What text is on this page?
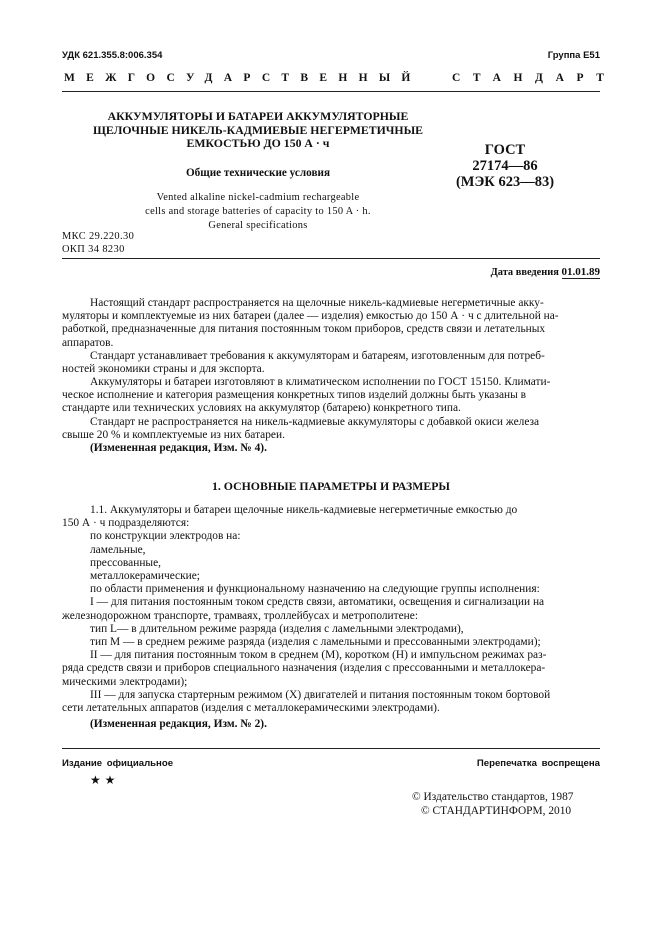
УДК 621.355.8:006.354	Группа Е51
МЕЖГОСУДАРСТВЕННЫЙ	СТАНДАРТ
АККУМУЛЯТОРЫ И БАТАРЕИ АККУМУЛЯТОРНЫЕ
ЩЕЛОЧНЫЕ НИКЕЛЬ-КАДМИЕВЫЕ НЕГЕРМЕТИЧНЫЕ
ЕМКОСТЬЮ ДО 150 А · ч
Общие технические условия
Vented alkaline nickel-cadmium rechargeable
cells and storage batteries of capacity to 150 A · h.
General specifications
ГОСТ
27174—86
(МЭК 623—83)
МКС 29.220.30
ОКП 34 8230
Дата введения 01.01.89
Настоящий стандарт распространяется на щелочные никель-кадмиевые негерметичные акку-
муляторы и комплектуемые из них батареи (далее — изделия) емкостью до 150 А · ч с длительной на-
работкой, предназначенные для питания постоянным током приборов, средств связи и летательных
аппаратов.
Стандарт устанавливает требования к аккумуляторам и батареям, изготовленным для потреб-
ностей экономики страны и для экспорта.
Аккумуляторы и батареи изготовляют в климатическом исполнении по ГОСТ 15150. Климати-
ческое исполнение и категория размещения конкретных типов изделий должны быть указаны в
стандарте или технических условиях на аккумулятор (батарею) конкретного типа.
Стандарт не распространяется на никель-кадмиевые аккумуляторы с добавкой окиси железа
свыше 20 % и комплектуемые из них батареи.
(Измененная редакция, Изм. № 4).
1. ОСНОВНЫЕ ПАРАМЕТРЫ И РАЗМЕРЫ
1.1. Аккумуляторы и батареи щелочные никель-кадмиевые негерметичные емкостью до
150 А · ч подразделяются:
по конструкции электродов на:
ламельные,
прессованные,
металлокерамические;
по области применения и функциональному назначению на следующие группы исполнения:
I — для питания постоянным током средств связи, автоматики, освещения и сигнализации на
железнодорожном транспорте, трамваях, троллейбусах и метрополитене:
тип L— в длительном режиме разряда (изделия с ламельными электродами),
тип М — в среднем режиме разряда (изделия с ламельными и прессованными электродами);
II — для питания постоянным током в среднем (М), коротком (Н) и импульсном режимах раз-
ряда средств связи и приборов специального назначения (изделия с прессованными и металлокера-
мическими электродами);
III — для запуска стартерным режимом (Х) двигателей и питания постоянным током бортовой
сети летательных аппаратов (изделия с металлокерамическими электродами).
(Измененная редакция, Изм. № 2).
Издание официальное	Перепечатка воспрещена
★ ★
© Издательство стандартов, 1987
© СТАНДАРТИНФОРМ, 2010
